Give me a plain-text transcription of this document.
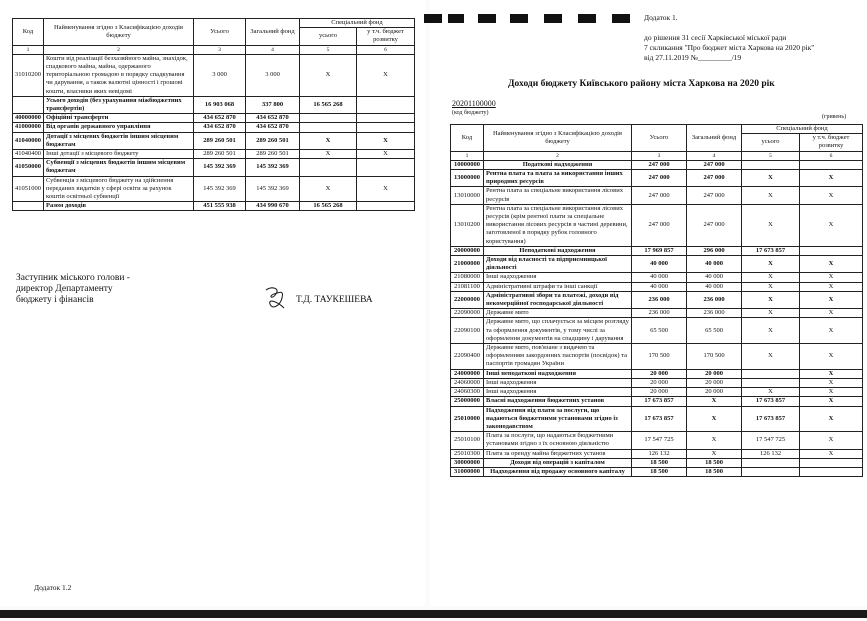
Код	Найменування згідно з Класифікацією доходів бюджету	Усього	Загальний фонд	Спеціальний фонд	
				усього	у т.ч. бюджет розвитку
1	2	3	4	5	6
31010200	Кошти від реалізації безхазяйного майна, знахідок, спадкового майна, майна, одержаного територіальною громадою в порядку спадкування чи дарування, а також валютні цінності і грошові кошти, власники яких невідомі	3 000	3 000	X	X
	Усього доходів (без урахування міжбюджетних трансфертів)	16 903 068	337 800	16 565 268	
40000000	Офіційні трансферти	434 652 870	434 652 870		
41000000	Від органів державного управління	434 652 870	434 652 870		
41040000	Дотації з місцевих бюджетів іншим місцевим бюджетам	289 260 501	289 260 501	X	X
41040400	Інші дотації з місцевого бюджету	289 260 501	289 260 501	X	X
41050000	Субвенції з місцевих бюджетів іншим місцевим бюджетам	145 392 369	145 392 369		
41051000	Субвенція з місцевого бюджету на здійснення переданих видатків у сфері освіти за рахунок коштів освітньої субвенції	145 392 369	145 392 369	X	X
	Разом доходів	451 555 938	434 990 670	16 565 268	
Заступник міського голови -
директор Департаменту
бюджету і фінансів	Т.Д. ТАУКЕШЕВА
Додаток 1.2
Додаток 1.
до рішення 31 сесії Харківської міської ради
7 скликання "Про бюджет міста Харкова на 2020 рік"
від 27.11.2019 №_________/19
Доходи бюджету Київського району міста Харкова на 2020 рік
20201100000
(код бюджету)
(гривень)
Код	Найменування згідно з Класифікацією доходів бюджету	Усього	Загальний фонд	Спеціальний фонд	
				усього	у т.ч. бюджет розвитку
1	2	3	4	5	6
10000000	Податкові надходження	247 000	247 000		
13000000	Рентна плата та плата за використання інших природних ресурсів	247 000	247 000	X	X
13010000	Рентна плата за спеціальне використання лісових ресурсів	247 000	247 000	X	X
13010200	Рентна плата за спеціальне використання лісових ресурсів (крім рентної плати за спеціальне використання лісових ресурсів в частині деревини, заготовленої в порядку рубок головного користування)	247 000	247 000	X	X
20000000	Неподаткові надходження	17 969 857	296 000	17 673 857	
21000000	Доходи від власності та підприємницької діяльності	40 000	40 000	X	X
21080000	Інші надходження	40 000	40 000	X	X
21081100	Адміністративні штрафи та інші санкції	40 000	40 000	X	X
22000000	Адміністративні збори та платежі, доходи від некомерційної господарської діяльності	236 000	236 000	X	X
22090000	Державне мито	236 000	236 000	X	X
22090100	Державне мито, що сплачується за місцем розгляду та оформлення документів, у тому числі за оформлення документів на спадщину і дарування	65 500	65 500	X	X
22090400	Державне мито, пов'язане з видачею та оформленням закордонних паспортів (посвідок) та паспортів громадян України	170 500	170 500	X	X
24000000	Інші неподаткові надходження	20 000	20 000		X
24060000	Інші надходження	20 000	20 000		X
24060300	Інші надходження	20 000	20 000	X	X
25000000	Власні надходження бюджетних установ	17 673 857	X	17 673 857	X
25010000	Надходження від плати за послуги, що надаються бюджетними установами згідно із законодавством	17 673 857	X	17 673 857	X
25010100	Плата за послуги, що надаються бюджетними установами згідно з їх основною діяльністю	17 547 725	X	17 547 725	X
25010300	Плата за оренду майна бюджетних установ	126 132	X	126 132	X
30000000	Доходи від операцій з капіталом	18 500	18 500		
31000000	Надходження від продажу основного капіталу	18 500	18 500		
